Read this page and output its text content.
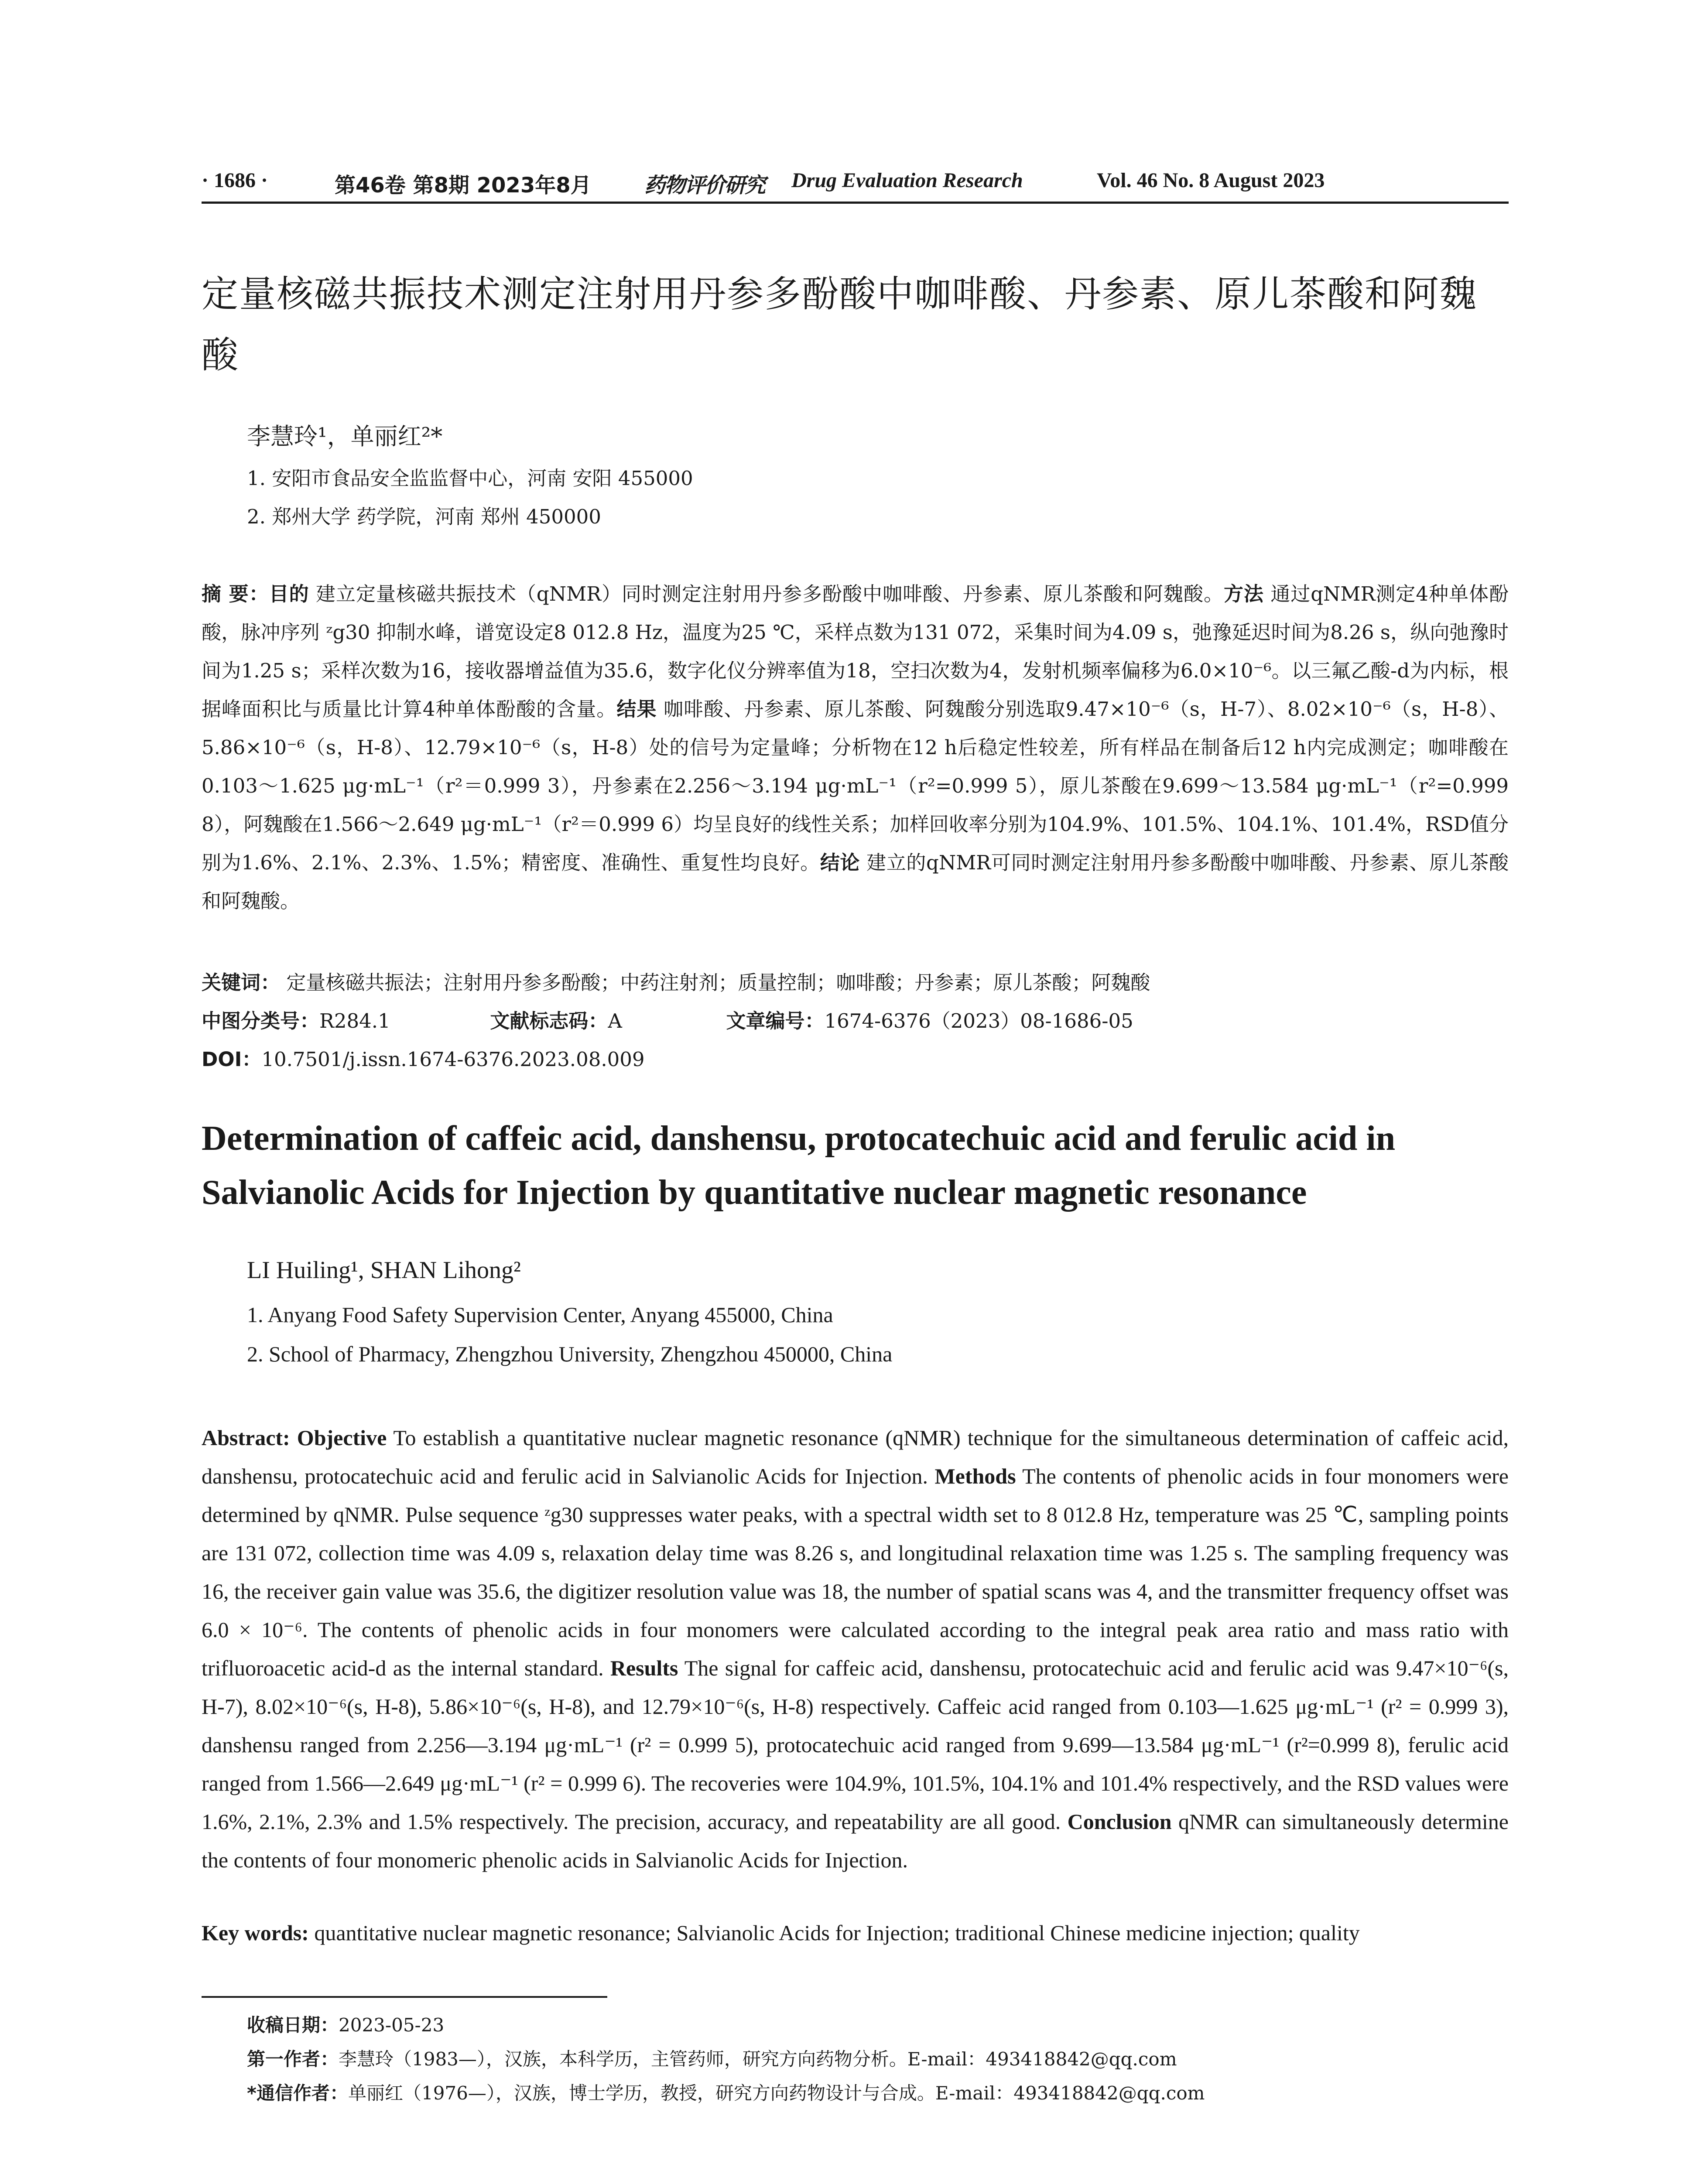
· 1686 ·	第46卷 第8期 2023年8月	药物评价研究 Drug Evaluation Research	Vol. 46 No. 8 August 2023
定量核磁共振技术测定注射用丹参多酚酸中咖啡酸、丹参素、原儿茶酸和阿魏酸
李慧玲¹，单丽红²*
1. 安阳市食品安全监监督中心，河南 安阳 455000
2. 郑州大学 药学院，河南 郑州 450000
摘 要：目的 建立定量核磁共振技术（qNMR）同时测定注射用丹参多酚酸中咖啡酸、丹参素、原儿茶酸和阿魏酸。方法 通过qNMR测定4种单体酚酸，脉冲序列 ᶻg30 抑制水峰，谱宽设定8 012.8 Hz，温度为25 ℃，采样点数为131 072，采集时间为4.09 s，弛豫延迟时间为8.26 s，纵向弛豫时间为1.25 s；采样次数为16，接收器增益值为35.6，数字化仪分辨率值为18，空扫次数为4，发射机频率偏移为6.0×10⁻⁶。以三氟乙酸-d为内标，根据峰面积比与质量比计算4种单体酚酸的含量。结果 咖啡酸、丹参素、原儿茶酸、阿魏酸分别选取9.47×10⁻⁶（s，H-7）、8.02×10⁻⁶（s，H-8）、5.86×10⁻⁶（s，H-8）、12.79×10⁻⁶（s，H-8）处的信号为定量峰；分析物在12 h后稳定性较差，所有样品在制备后12 h内完成测定；咖啡酸在0.103～1.625 μg·mL⁻¹（r²＝0.999 3），丹参素在2.256～3.194 μg·mL⁻¹（r²=0.999 5），原儿茶酸在9.699～13.584 μg·mL⁻¹（r²=0.999 8），阿魏酸在1.566～2.649 μg·mL⁻¹（r²＝0.999 6）均呈良好的线性关系；加样回收率分别为104.9%、101.5%、104.1%、101.4%，RSD值分别为1.6%、2.1%、2.3%、1.5%；精密度、准确性、重复性均良好。结论 建立的qNMR可同时测定注射用丹参多酚酸中咖啡酸、丹参素、原儿茶酸和阿魏酸。
关键词： 定量核磁共振法；注射用丹参多酚酸；中药注射剂；质量控制；咖啡酸；丹参素；原儿茶酸；阿魏酸
中图分类号：R284.1	文献标志码：A	文章编号：1674-6376（2023）08-1686-05
DOI：10.7501/j.issn.1674-6376.2023.08.009
Determination of caffeic acid, danshensu, protocatechuic acid and ferulic acid in Salvianolic Acids for Injection by quantitative nuclear magnetic resonance
LI Huiling¹, SHAN Lihong²
1. Anyang Food Safety Supervision Center, Anyang 455000, China
2. School of Pharmacy, Zhengzhou University, Zhengzhou 450000, China
Abstract: Objective To establish a quantitative nuclear magnetic resonance (qNMR) technique for the simultaneous determination of caffeic acid, danshensu, protocatechuic acid and ferulic acid in Salvianolic Acids for Injection. Methods The contents of phenolic acids in four monomers were determined by qNMR. Pulse sequence ᶻg30 suppresses water peaks, with a spectral width set to 8 012.8 Hz, temperature was 25 ℃, sampling points are 131 072, collection time was 4.09 s, relaxation delay time was 8.26 s, and longitudinal relaxation time was 1.25 s. The sampling frequency was 16, the receiver gain value was 35.6, the digitizer resolution value was 18, the number of spatial scans was 4, and the transmitter frequency offset was 6.0 × 10⁻⁶. The contents of phenolic acids in four monomers were calculated according to the integral peak area ratio and mass ratio with trifluoroacetic acid-d as the internal standard. Results The signal for caffeic acid, danshensu, protocatechuic acid and ferulic acid was 9.47×10⁻⁶(s, H-7), 8.02×10⁻⁶(s, H-8), 5.86×10⁻⁶(s, H-8), and 12.79×10⁻⁶(s, H-8) respectively. Caffeic acid ranged from 0.103—1.625 μg·mL⁻¹ (r² = 0.999 3), danshensu ranged from 2.256—3.194 μg·mL⁻¹ (r² = 0.999 5), protocatechuic acid ranged from 9.699—13.584 μg·mL⁻¹ (r²=0.999 8), ferulic acid ranged from 1.566—2.649 μg·mL⁻¹ (r² = 0.999 6). The recoveries were 104.9%, 101.5%, 104.1% and 101.4% respectively, and the RSD values were 1.6%, 2.1%, 2.3% and 1.5% respectively. The precision, accuracy, and repeatability are all good. Conclusion qNMR can simultaneously determine the contents of four monomeric phenolic acids in Salvianolic Acids for Injection.
Key words: quantitative nuclear magnetic resonance; Salvianolic Acids for Injection; traditional Chinese medicine injection; quality
收稿日期：2023-05-23
第一作者：李慧玲（1983—），汉族，本科学历，主管药师，研究方向药物分析。E-mail：493418842@qq.com
*通信作者：单丽红（1976—），汉族，博士学历，教授，研究方向药物设计与合成。E-mail：493418842@qq.com
